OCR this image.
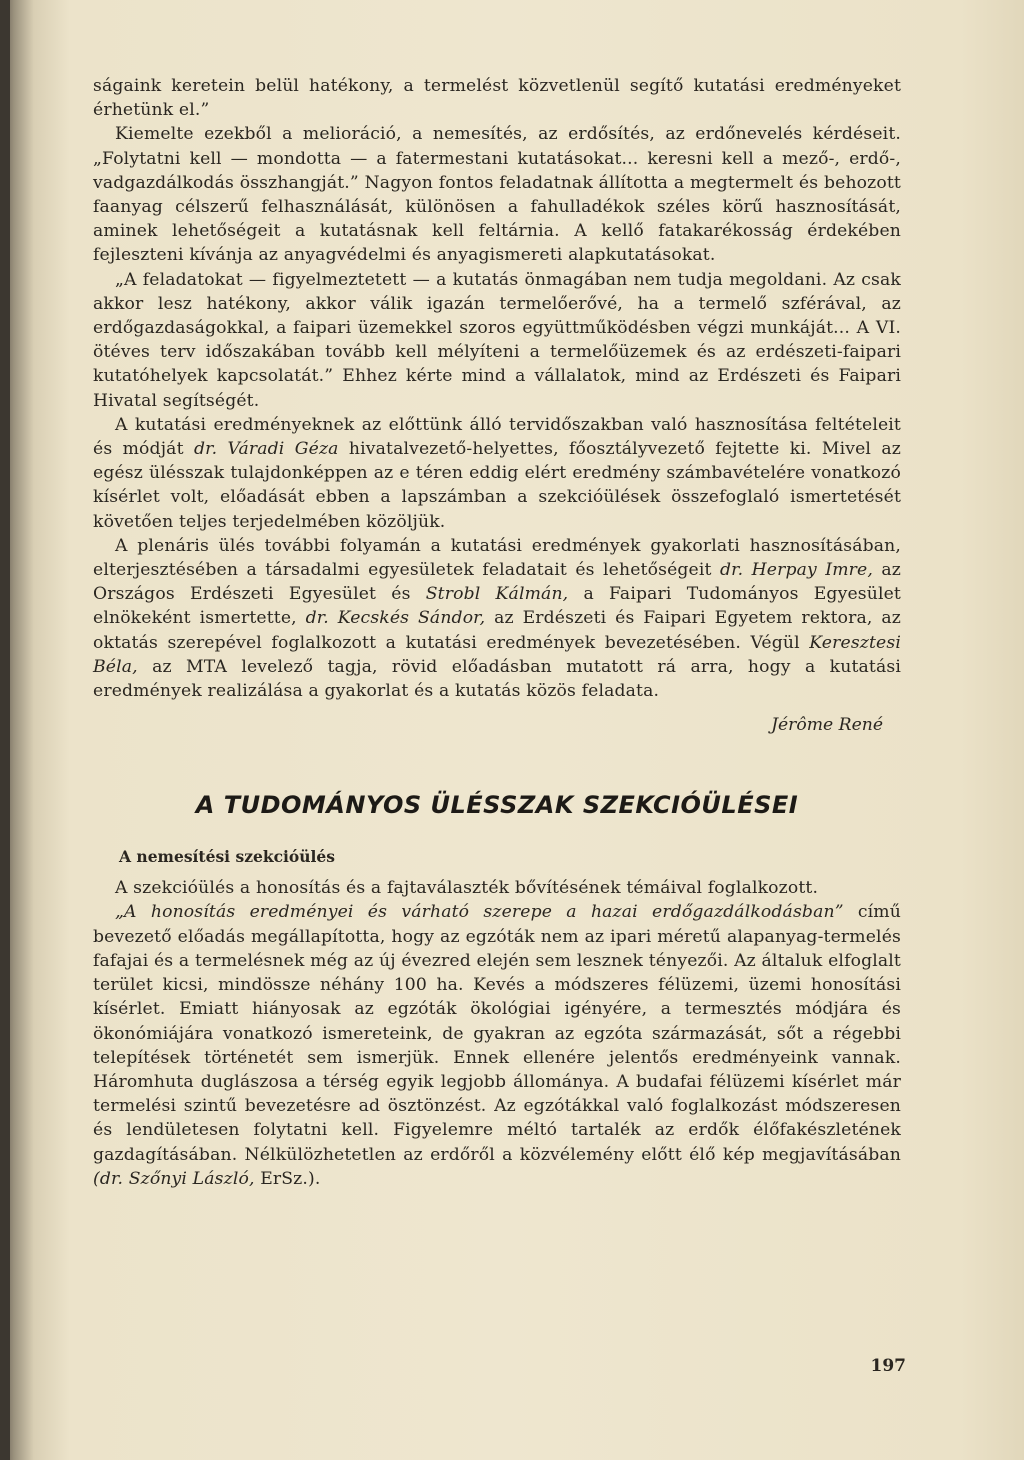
ságaink keretein belül hatékony, a termelést közvetlenül segítő kutatási eredményeket érhetünk el.”

Kiemelte ezekből a melioráció, a nemesítés, az erdősítés, az erdőnevelés kérdéseit. „Folytatni kell — mondotta — a fatermestani kutatásokat... keresni kell a mező-, erdő-, vadgazdálkodás összhangját.” Nagyon fontos feladatnak állította a megtermelt és behozott faanyag célszerű felhasználását, különösen a fahulladékok széles körű hasznosítását, aminek lehetőségeit a kutatásnak kell feltárnia. A kellő fatakarékosság érdekében fejleszteni kívánja az anyagvédelmi és anyagismereti alapkutatásokat.

„A feladatokat — figyelmeztetett — a kutatás önmagában nem tudja megoldani. Az csak akkor lesz hatékony, akkor válik igazán termelőerővé, ha a termelő szférával, az erdőgazdaságokkal, a faipari üzemekkel szoros együttműködésben végzi munkáját... A VI. ötéves terv időszakában tovább kell mélyíteni a termelőüzemek és az erdészeti-faipari kutatóhelyek kapcsolatát.” Ehhez kérte mind a vállalatok, mind az Erdészeti és Faipari Hivatal segítségét.

A kutatási eredményeknek az előttünk álló tervidőszakban való hasznosítása feltételeit és módját dr. Váradi Géza hivatalvezető-helyettes, főosztályvezető fejtette ki. Mivel az egész ülésszak tulajdonképpen az e téren eddig elért eredmény számbavételére vonatkozó kísérlet volt, előadását ebben a lapszámban a szekcióülések összefoglaló ismertetését követően teljes terjedelmében közöljük.

A plenáris ülés további folyamán a kutatási eredmények gyakorlati hasznosításában, elterjesztésében a társadalmi egyesületek feladatait és lehetőségeit dr. Herpay Imre, az Országos Erdészeti Egyesület és Strobl Kálmán, a Faipari Tudományos Egyesület elnökeként ismertette, dr. Kecskés Sándor, az Erdészeti és Faipari Egyetem rektora, az oktatás szerepével foglalkozott a kutatási eredmények bevezetésében. Végül Keresztesi Béla, az MTA levelező tagja, rövid előadásban mutatott rá arra, hogy a kutatási eredmények realizálása a gyakorlat és a kutatás közös feladata.

Jérôme René

A TUDOMÁNYOS ÜLÉSSZAK SZEKCIÓÜLÉSEI
A nemesítési szekcióülés

A szekcióülés a honosítás és a fajtaválaszték bővítésének témáival foglalkozott.

„A honosítás eredményei és várható szerepe a hazai erdőgazdálkodásban” című bevezető előadás megállapította, hogy az egzóták nem az ipari méretű alapanyag-termelés fafajai és a termelésnek még az új évezred elején sem lesznek tényezői. Az általuk elfoglalt terület kicsi, mindössze néhány 100 ha. Kevés a módszeres félüzemi, üzemi honosítási kísérlet. Emiatt hiányosak az egzóták ökológiai igényére, a termesztés módjára és ökonómiájára vonatkozó ismereteink, de gyakran az egzóta származását, sőt a régebbi telepítések történetét sem ismerjük. Ennek ellenére jelentős eredményeink vannak. Háromhuta duglászosa a térség egyik legjobb állománya. A budafai félüzemi kísérlet már termelési szintű bevezetésre ad ösztönzést. Az egzótákkal való foglalkozást módszeresen és lendületesen folytatni kell. Figyelemre méltó tartalék az erdők élőfakészletének gazdagításában. Nélkülözhetetlen az erdőről a közvélemény előtt élő kép megjavításában (dr. Szőnyi László, ErSz.).

197
